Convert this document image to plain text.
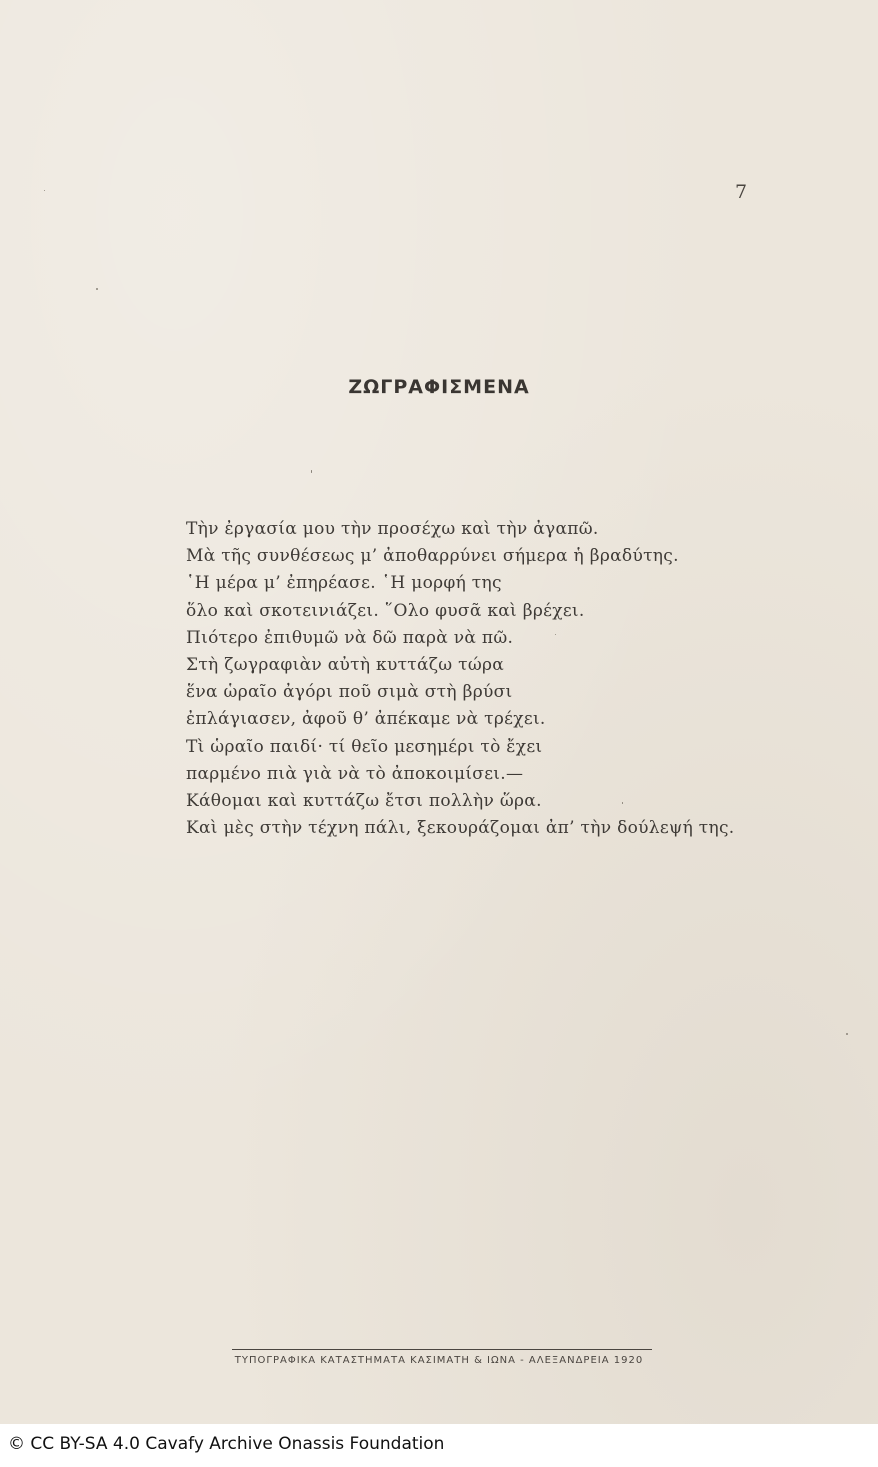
7
ΖΩΓΡΑΦΙΣΜΕΝΑ
Τὴν ἐργασία μου τὴν προσέχω καὶ τὴν ἀγαπῶ.
Μὰ τῆς συνθέσεως μ’ ἀποθαρρύνει σήμερα ἡ βραδύτης.
῾Η μέρα μ’ ἐπηρέασε. ῾Η μορφή της
ὅλο καὶ σκοτεινιάζει. ῞Ολο φυσᾶ καὶ βρέχει.
Πιότερο ἐπιθυμῶ νὰ δῶ παρὰ νὰ πῶ.
Στὴ ζωγραφιὰν αὐτὴ κυττάζω τώρα
ἕνα ὡραῖο ἀγόρι ποῦ σιμὰ στὴ βρύσι
ἐπλάγιασεν, ἀφοῦ θ’ ἀπέκαμε νὰ τρέχει.
Τὶ ὡραῖο παιδί· τί θεῖο μεσημέρι τὸ ἔχει
παρμένο πιὰ γιὰ νὰ τὸ ἀποκοιμίσει.—
Κάθομαι καὶ κυττάζω ἔτσι πολλὴν ὥρα.
Καὶ μὲς στὴν τέχνη πάλι, ξεκουράζομαι ἀπ’ τὴν δούλεψή της.
ΤΥΠΟΓΡΑΦΙΚΑ ΚΑΤΑΣΤΗΜΑΤΑ ΚΑΣΙΜΑΤΗ & ΙΩΝΑ - ΑΛΕΞΑΝΔΡΕΙΑ 1920
© CC BY-SA 4.0 Cavafy Archive Onassis Foundation
